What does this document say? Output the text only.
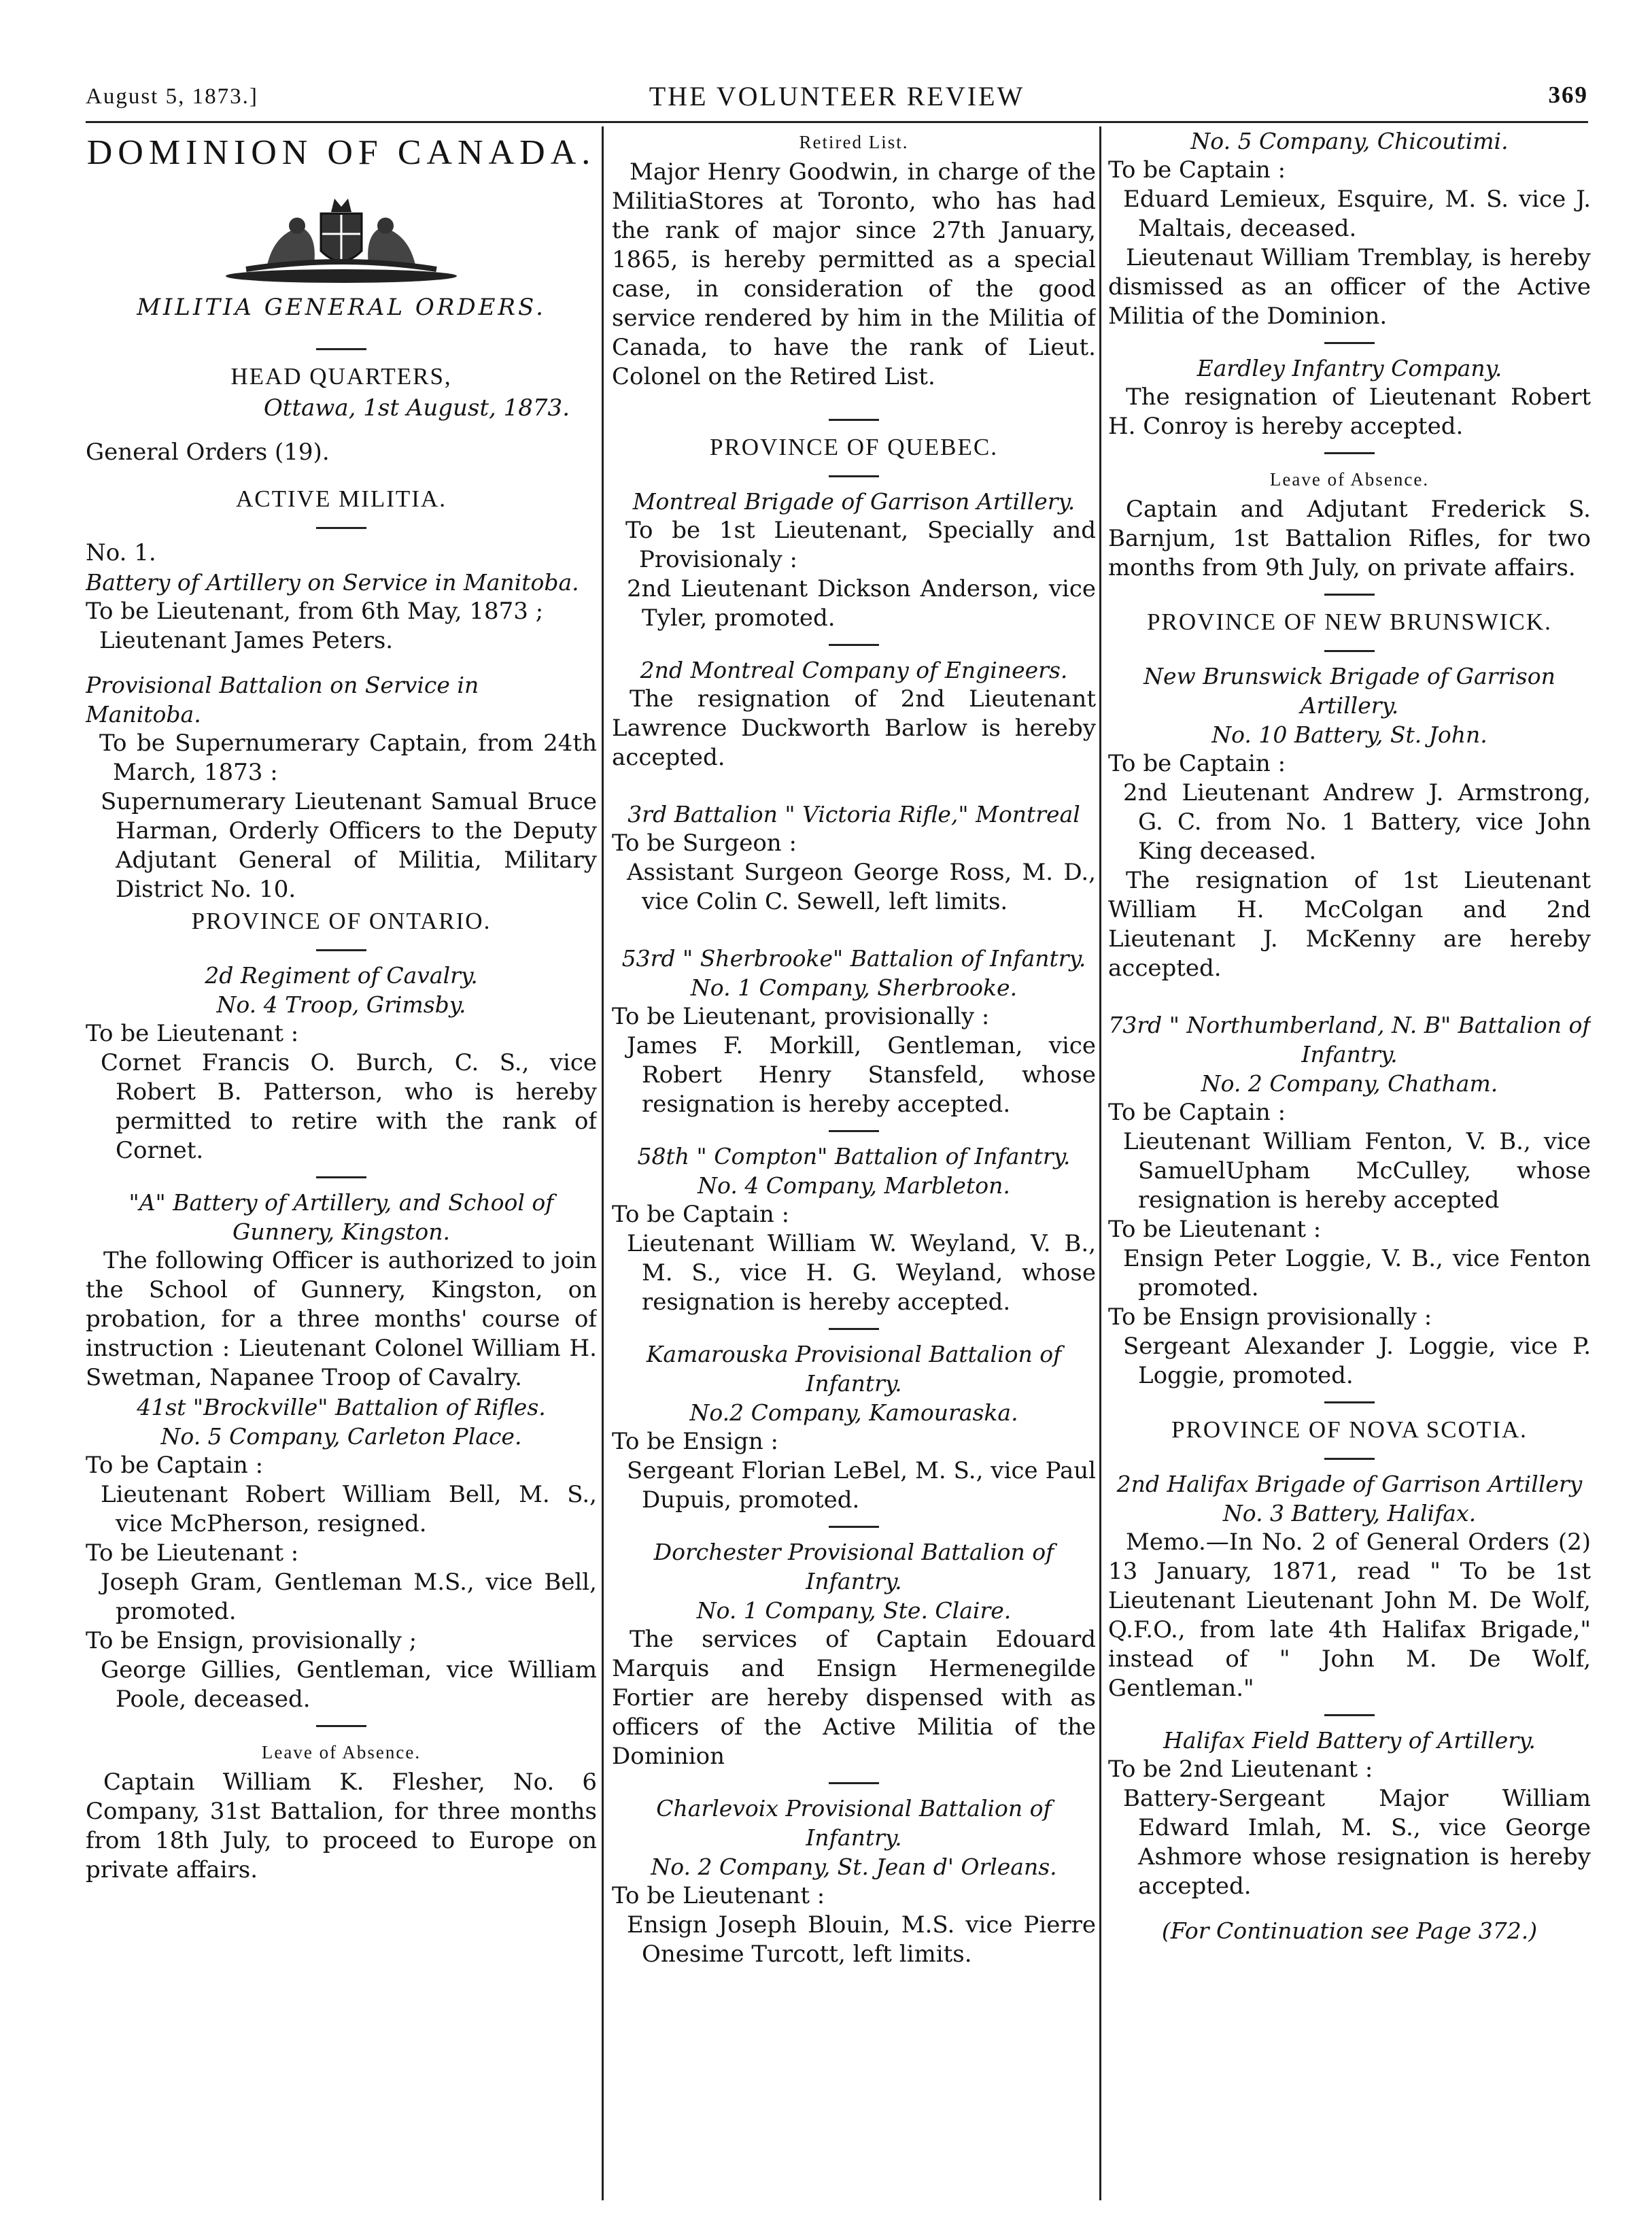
August 5, 1873.]	THE VOLUNTEER REVIEW	369

DOMINION OF CANADA.

MILITIA GENERAL ORDERS.

HEAD QUARTERS,

Ottawa, 1st August, 1873.

General Orders (19).

ACTIVE MILITIA.

No. 1.

Battery of Artillery on Service in Manitoba.

To be Lieutenant, from 6th May, 1873 ;

Lieutenant James Peters.

Provisional Battalion on Service in Manitoba.

To be Supernumerary Captain, from 24th March, 1873 :

Supernumerary Lieutenant Samual Bruce Harman, Orderly Officers to the Deputy Adjutant General of Militia, Military District No. 10.

PROVINCE OF ONTARIO.

2d Regiment of Cavalry.

No. 4 Troop, Grimsby.

To be Lieutenant :

Cornet Francis O. Burch, C. S., vice Robert B. Patterson, who is hereby permitted to retire with the rank of Cornet.

"A" Battery of Artillery, and School of Gunnery, Kingston.

The following Officer is authorized to join the School of Gunnery, Kingston, on probation, for a three months' course of instruction : Lieutenant Colonel William H. Swetman, Napanee Troop of Cavalry.

41st "Brockville" Battalion of Rifles.

No. 5 Company, Carleton Place.

To be Captain :

Lieutenant Robert William Bell, M. S., vice McPherson, resigned.

To be Lieutenant :

Joseph Gram, Gentleman M.S., vice Bell, promoted.

To be Ensign, provisionally ;

George Gillies, Gentleman, vice William Poole, deceased.

Leave of Absence.

Captain William K. Flesher, No. 6 Company, 31st Battalion, for three months from 18th July, to proceed to Europe on private affairs.

Retired List.

Major Henry Goodwin, in charge of the MilitiaStores at Toronto, who has had the rank of major since 27th January, 1865, is hereby permitted as a special case, in consideration of the good service rendered by him in the Militia of Canada, to have the rank of Lieut. Colonel on the Retired List.

PROVINCE OF QUEBEC.

Montreal Brigade of Garrison Artillery.

To be 1st Lieutenant, Specially and Provisionaly :

2nd Lieutenant Dickson Anderson, vice Tyler, promoted.

2nd Montreal Company of Engineers.

The resignation of 2nd Lieutenant Lawrence Duckworth Barlow is hereby accepted.

3rd Battalion " Victoria Rifle," Montreal

To be Surgeon :

Assistant Surgeon George Ross, M. D., vice Colin C. Sewell, left limits.

53rd " Sherbrooke" Battalion of Infantry.

No. 1 Company, Sherbrooke.

To be Lieutenant, provisionally :

James F. Morkill, Gentleman, vice Robert Henry Stansfeld, whose resignation is hereby accepted.

58th " Compton" Battalion of Infantry.

No. 4 Company, Marbleton.

To be Captain :

Lieutenant William W. Weyland, V. B., M. S., vice H. G. Weyland, whose resignation is hereby accepted.

Kamarouska Provisional Battalion of Infantry.

No.2 Company, Kamouraska.

To be Ensign :

Sergeant Florian LeBel, M. S., vice Paul Dupuis, promoted.

Dorchester Provisional Battalion of Infantry.

No. 1 Company, Ste. Claire.

The services of Captain Edouard Marquis and Ensign Hermenegilde Fortier are hereby dispensed with as officers of the Active Militia of the Dominion

Charlevoix Provisional Battalion of Infantry.

No. 2 Company, St. Jean d' Orleans.

To be Lieutenant :

Ensign Joseph Blouin, M.S. vice Pierre Onesime Turcott, left limits.

No. 5 Company, Chicoutimi.

To be Captain :

Eduard Lemieux, Esquire, M. S. vice J. Maltais, deceased.

Lieutenaut William Tremblay, is hereby dismissed as an officer of the Active Militia of the Dominion.

Eardley Infantry Company.

The resignation of Lieutenant Robert H. Conroy is hereby accepted.

Leave of Absence.

Captain and Adjutant Frederick S. Barnjum, 1st Battalion Rifles, for two months from 9th July, on private affairs.

PROVINCE OF NEW BRUNSWICK.

New Brunswick Brigade of Garrison Artillery.

No. 10 Battery, St. John.

To be Captain :

2nd Lieutenant Andrew J. Armstrong, G. C. from No. 1 Battery, vice John King deceased.

The resignation of 1st Lieutenant William H. McColgan and 2nd Lieutenant J. McKenny are hereby accepted.

73rd " Northumberland, N. B" Battalion of Infantry.

No. 2 Company, Chatham.

To be Captain :

Lieutenant William Fenton, V. B., vice SamuelUpham McCulley, whose resignation is hereby accepted

To be Lieutenant :

Ensign Peter Loggie, V. B., vice Fenton promoted.

To be Ensign provisionally :

Sergeant Alexander J. Loggie, vice P. Loggie, promoted.

PROVINCE OF NOVA SCOTIA.

2nd Halifax Brigade of Garrison Artillery

No. 3 Battery, Halifax.

Memo.—In No. 2 of General Orders (2) 13 January, 1871, read " To be 1st Lieutenant Lieutenant John M. De Wolf, Q.F.O., from late 4th Halifax Brigade," instead of " John M. De Wolf, Gentleman."

Halifax Field Battery of Artillery.

To be 2nd Lieutenant :

Battery-Sergeant Major William Edward Imlah, M. S., vice George Ashmore whose resignation is hereby accepted.

(For Continuation see Page 372.)
